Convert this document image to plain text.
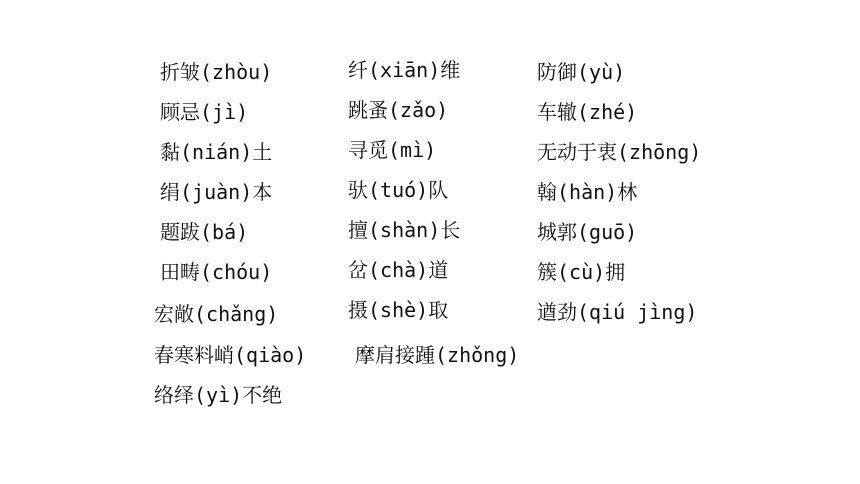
折皱(zhòu)
顾忌(jì)
黏(nián)土
绢(juàn)本
题跋(bá)
田畴(chóu)
宏敞(chǎng)
春寒料峭(qiào)
络绎(yì)不绝
纤(xiān)维
跳蚤(zǎo)
寻觅(mì)
驮(tuó)队
擅(shàn)长
岔(chà)道
摄(shè)取
摩肩接踵(zhǒng)
防御(yù)
车辙(zhé)
无动于衷(zhōng)
翰(hàn)林
城郭(guō)
簇(cù)拥
遒劲(qiú jìng)
